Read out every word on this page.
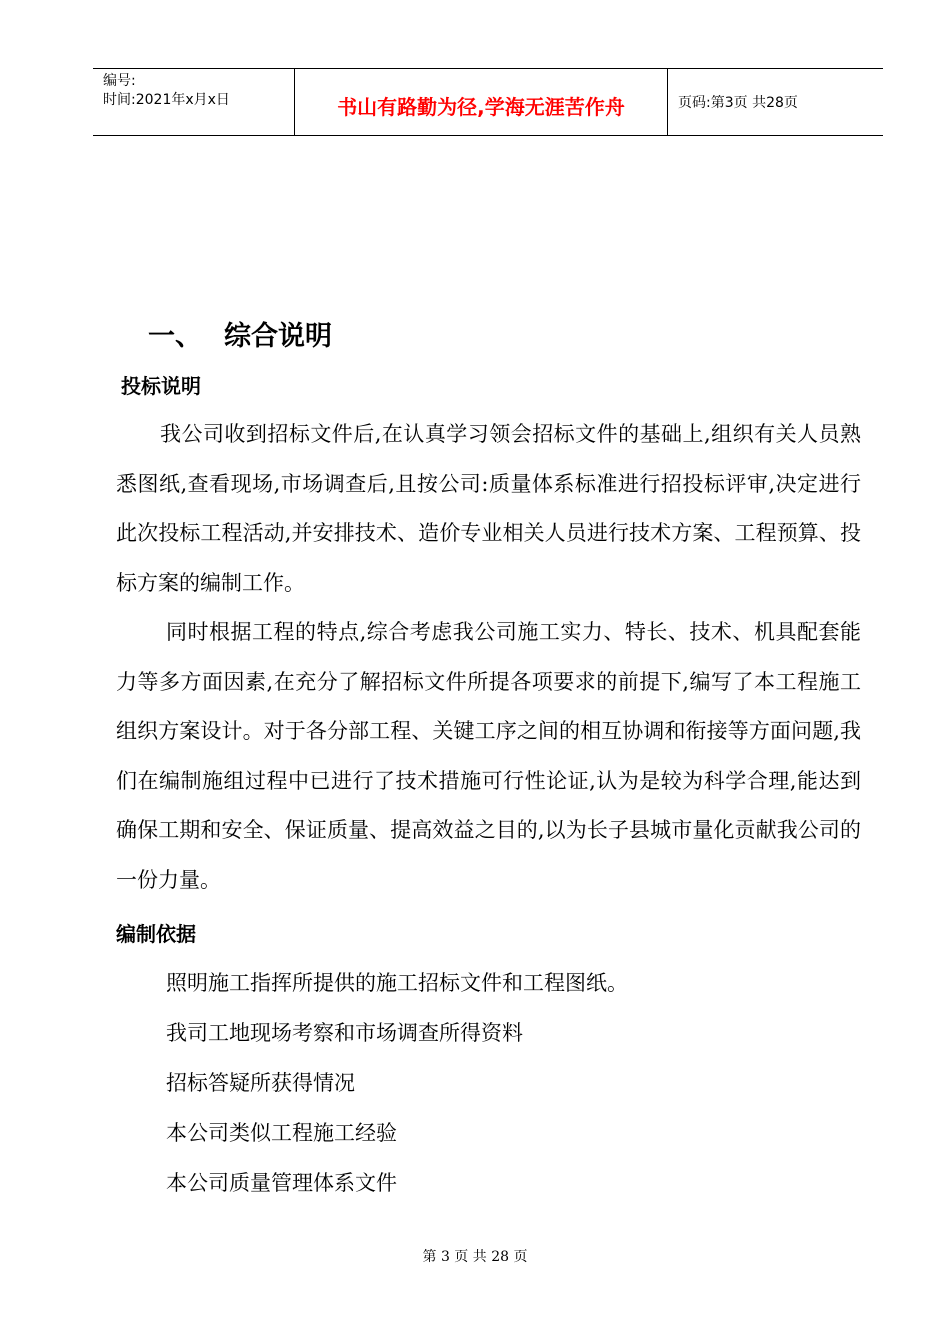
编号:
时间:2021年x月x日	书山有路勤为径,学海无涯苦作舟	页码:第3页 共28页
一、 综合说明
投标说明
我公司收到招标文件后,在认真学习领会招标文件的基础上,组织有关人员熟悉图纸,查看现场,市场调查后,且按公司:质量体系标准进行招投标评审,决定进行此次投标工程活动,并安排技术、造价专业相关人员进行技术方案、工程预算、投标方案的编制工作。
同时根据工程的特点,综合考虑我公司施工实力、特长、技术、机具配套能力等多方面因素,在充分了解招标文件所提各项要求的前提下,编写了本工程施工组织方案设计。对于各分部工程、关键工序之间的相互协调和衔接等方面问题,我们在编制施组过程中已进行了技术措施可行性论证,认为是较为科学合理,能达到确保工期和安全、保证质量、提高效益之目的,以为长子县城市量化贡献我公司的一份力量。
编制依据
照明施工指挥所提供的施工招标文件和工程图纸。
我司工地现场考察和市场调查所得资料
招标答疑所获得情况
本公司类似工程施工经验
本公司质量管理体系文件
第 3 页 共 28 页
